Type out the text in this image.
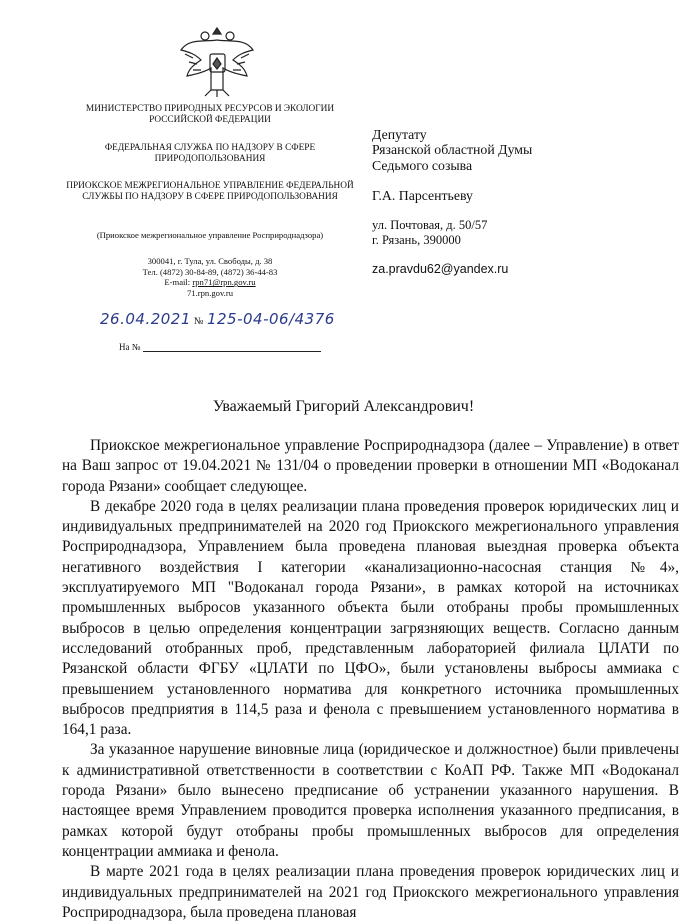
МИНИСТЕРСТВО ПРИРОДНЫХ РЕСУРСОВ И ЭКОЛОГИИ РОССИЙСКОЙ ФЕДЕРАЦИИ
ФЕДЕРАЛЬНАЯ СЛУЖБА ПО НАДЗОРУ В СФЕРЕ ПРИРОДОПОЛЬЗОВАНИЯ
ПРИОКСКОЕ МЕЖРЕГИОНАЛЬНОЕ УПРАВЛЕНИЕ ФЕДЕРАЛЬНОЙ СЛУЖБЫ ПО НАДЗОРУ В СФЕРЕ ПРИРОДОПОЛЬЗОВАНИЯ
(Приокское межрегиональное управление Росприроднадзора)
300041, г. Тула, ул. Свободы, д. 38
Тел. (4872) 30-84-89, (4872) 36-44-83
E-mail: rpn71@rpn.gov.ru
71.rpn.gov.ru
26.04.2021 № 125-04-06/4376
На №
Депутату
Рязанской областной Думы
Седьмого созыва
Г.А. Парсентьеву
ул. Почтовая, д. 50/57
г. Рязань, 390000
za.pravdu62@yandex.ru
Уважаемый Григорий Александрович!

Приокское межрегиональное управление Росприроднадзора (далее – Управление) в ответ на Ваш запрос от 19.04.2021 № 131/04 о проведении проверки в отношении МП «Водоканал города Рязани» сообщает следующее.

В декабре 2020 года в целях реализации плана проведения проверок юридических лиц и индивидуальных предпринимателей на 2020 год Приокского межрегионального управления Росприроднадзора, Управлением была проведена плановая выездная проверка объекта негативного воздействия I категории «канализационно-насосная станция №4», эксплуатируемого МП "Водоканал города Рязани», в рамках которой на источниках промышленных выбросов указанного объекта были отобраны пробы промышленных выбросов в целью определения концентрации загрязняющих веществ. Согласно данным исследований отобранных проб, представленным лабораторией филиала ЦЛАТИ по Рязанской области ФГБУ «ЦЛАТИ по ЦФО», были установлены выбросы аммиака с превышением установленного норматива для конкретного источника промышленных выбросов предприятия в 114,5 раза и фенола с превышением установленного норматива в 164,1 раза.

За указанное нарушение виновные лица (юридическое и должностное) были привлечены к административной ответственности в соответствии с КоАП РФ. Также МП «Водоканал города Рязани» было вынесено предписание об устранении указанного нарушения. В настоящее время Управлением проводится проверка исполнения указанного предписания, в рамках которой будут отобраны пробы промышленных выбросов для определения концентрации аммиака и фенола.

В марте 2021 года в целях реализации плана проведения проверок юридических лиц и индивидуальных предпринимателей на 2021 год Приокского межрегионального управления Росприроднадзора, была проведена плановая
